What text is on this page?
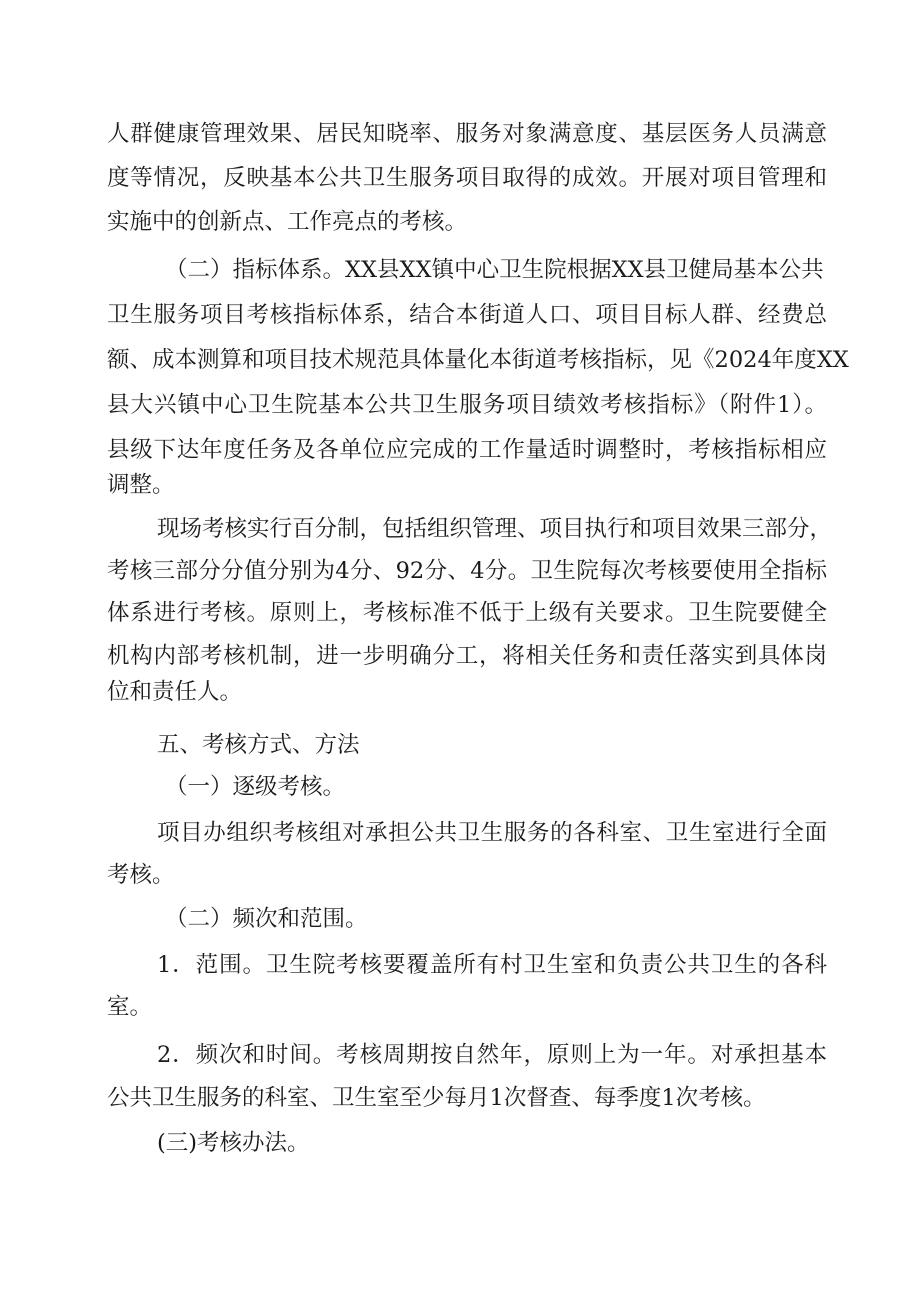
人群健康管理效果、居民知晓率、服务对象满意度、基层医务人员满意
度等情况，反映基本公共卫生服务项目取得的成效。开展对项目管理和
实施中的创新点、工作亮点的考核。
（二）指标体系。XX县XX镇中心卫生院根据XX县卫健局基本公共
卫生服务项目考核指标体系，结合本街道人口、项目目标人群、经费总
额、成本测算和项目技术规范具体量化本街道考核指标，见《2024年度XX
县大兴镇中心卫生院基本公共卫生服务项目绩效考核指标》（附件1）。
县级下达年度任务及各单位应完成的工作量适时调整时，考核指标相应
调整。
现场考核实行百分制，包括组织管理、项目执行和项目效果三部分，
考核三部分分值分别为4分、92分、4分。卫生院每次考核要使用全指标
体系进行考核。原则上，考核标准不低于上级有关要求。卫生院要健全
机构内部考核机制，进一步明确分工，将相关任务和责任落实到具体岗
位和责任人。
五、考核方式、方法
（一）逐级考核。
项目办组织考核组对承担公共卫生服务的各科室、卫生室进行全面
考核。
（二）频次和范围。
1．范围。卫生院考核要覆盖所有村卫生室和负责公共卫生的各科
室。
2．频次和时间。考核周期按自然年，原则上为一年。对承担基本
公共卫生服务的科室、卫生室至少每月1次督查、每季度1次考核。
(三)考核办法。
